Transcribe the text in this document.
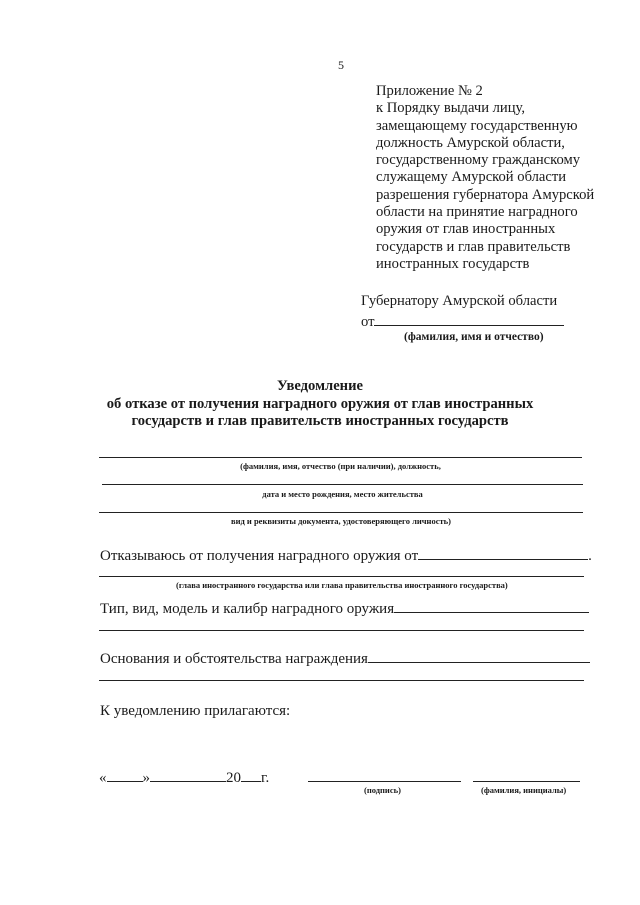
5
Приложение № 2
к Порядку выдачи лицу,
замещающему государственную
должность Амурской области,
государственному гражданскому
служащему Амурской области
разрешения губернатора Амурской
области на принятие наградного
оружия от глав иностранных
государств и глав правительств
иностранных государств
Губернатору Амурской области
от
(фамилия, имя и отчество)
Уведомление
об отказе от получения наградного оружия от глав иностранных
государств и глав правительств иностранных государств
(фамилия, имя, отчество (при наличии), должность,
дата и место рождения, место жительства
вид и реквизиты документа, удостоверяющего личность)
Отказываюсь от получения наградного оружия от	.
(глава иностранного государства или глава правительства иностранного государства)
Тип, вид, модель и калибр наградного оружия
Основания и обстоятельства награждения
К уведомлению прилагаются:
« »	20 г.
(подпись)	(фамилия, инициалы)
